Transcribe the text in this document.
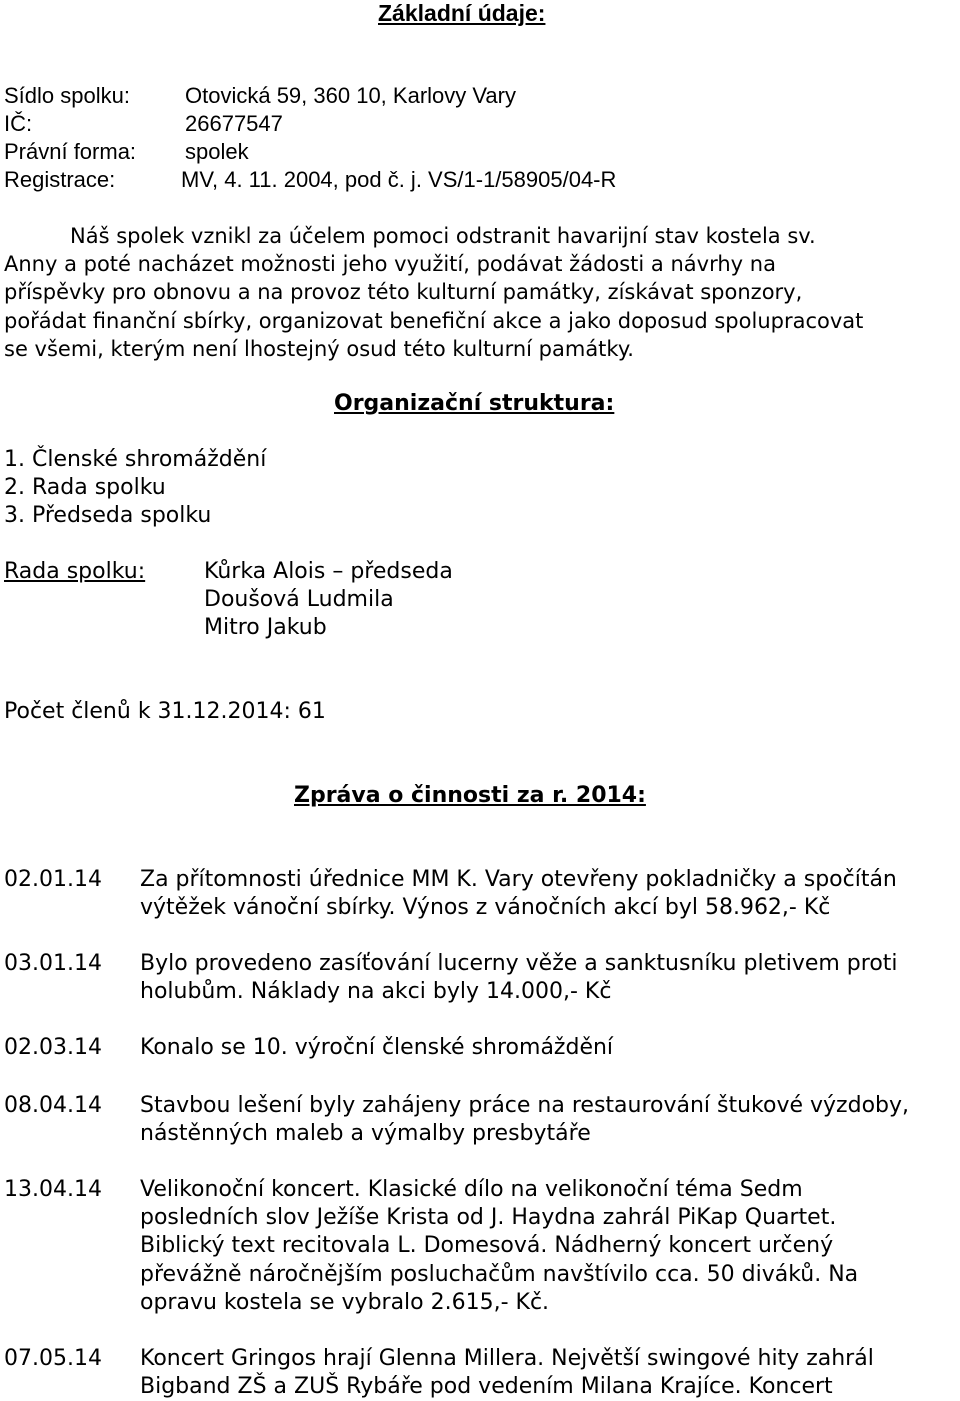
Základní údaje:
Sídlo spolku:	Otovická 59, 360 10, Karlovy Vary
IČ:	26677547
Právní forma: spolek
Registrace:	MV, 4. 11. 2004, pod č. j. VS/1-1/58905/04-R
Náš spolek vznikl za účelem pomoci odstranit havarijní stav kostela sv.
Anny a poté nacházet možnosti jeho využití, podávat žádosti a návrhy na
příspěvky pro obnovu a na provoz této kulturní památky, získávat sponzory,
pořádat finanční sbírky, organizovat benefiční akce a jako doposud spolupracovat
se všemi, kterým není lhostejný osud této kulturní památky.
Organizační struktura:
1. Členské shromáždění
2. Rada spolku
3. Předseda spolku
Rada spolku:	Kůrka Alois – předseda
Doušová Ludmila
Mitro Jakub
Počet členů k 31.12.2014: 61
Zpráva o činnosti za r. 2014:
02.01.14 Za přítomnosti úřednice MM K. Vary otevřeny pokladničky a spočítán
výtěžek vánoční sbírky. Výnos z vánočních akcí byl 58.962,- Kč
03.01.14 Bylo provedeno zasíťování lucerny věže a sanktusníku pletivem proti
holubům. Náklady na akci byly 14.000,- Kč
02.03.14 Konalo se 10. výroční členské shromáždění
08.04.14 Stavbou lešení byly zahájeny práce na restaurování štukové výzdoby,
nástěnných maleb a výmalby presbytáře
13.04.14 Velikonoční koncert. Klasické dílo na velikonoční téma Sedm
posledních slov Ježíše Krista od J. Haydna zahrál PiKap Quartet.
Biblický text recitovala L. Domesová. Nádherný koncert určený
převážně náročnějším posluchačům navštívilo cca. 50 diváků. Na
opravu kostela se vybralo 2.615,- Kč.
07.05.14 Koncert Gringos hrají Glenna Millera. Největší swingové hity zahrál
Bigband ZŠ a ZUŠ Rybáře pod vedením Milana Krajíce. Koncert
